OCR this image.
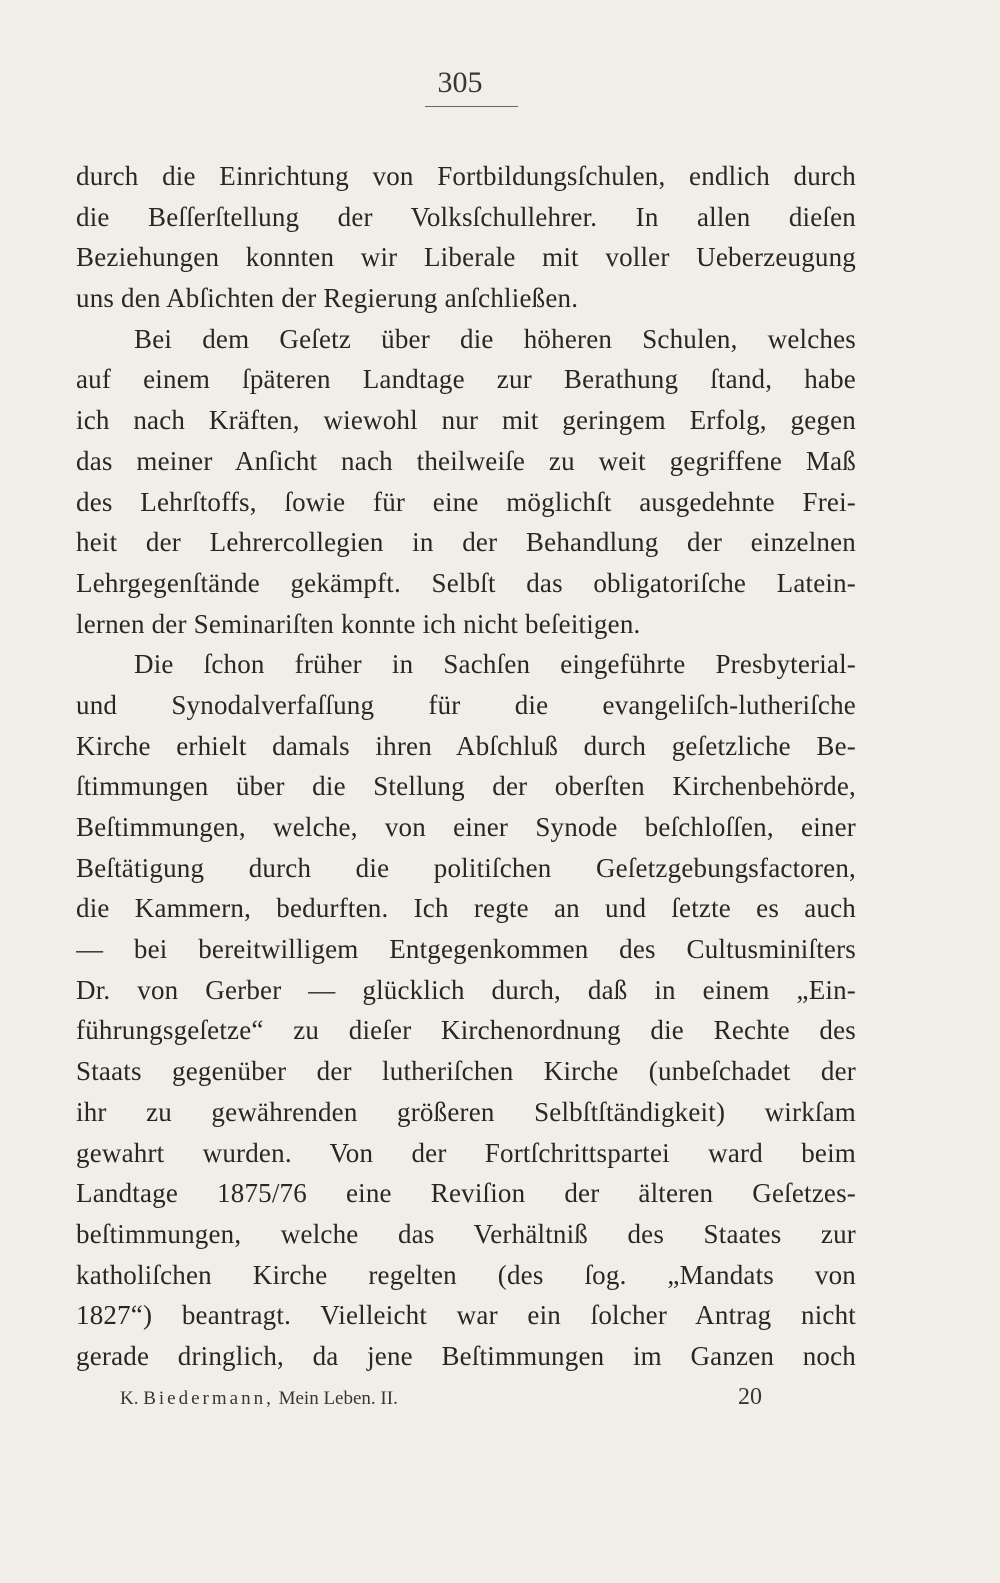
305
durch die Einrichtung von Fortbildungsſchulen, endlich durch
die Beſſerſtellung der Volksſchullehrer. In allen dieſen
Beziehungen konnten wir Liberale mit voller Ueberzeugung
uns den Abſichten der Regierung anſchließen.
Bei dem Geſetz über die höheren Schulen, welches
auf einem ſpäteren Landtage zur Berathung ſtand, habe
ich nach Kräften, wiewohl nur mit geringem Erfolg, gegen
das meiner Anſicht nach theilweiſe zu weit gegriffene Maß
des Lehrſtoffs, ſowie für eine möglichſt ausgedehnte Frei-
heit der Lehrercollegien in der Behandlung der einzelnen
Lehrgegenſtände gekämpft. Selbſt das obligatoriſche Latein-
lernen der Seminariſten konnte ich nicht beſeitigen.
Die ſchon früher in Sachſen eingeführte Presbyterial-
und Synodalverfaſſung für die evangeliſch-lutheriſche
Kirche erhielt damals ihren Abſchluß durch geſetzliche Be-
ſtimmungen über die Stellung der oberſten Kirchenbehörde,
Beſtimmungen, welche, von einer Synode beſchloſſen, einer
Beſtätigung durch die politiſchen Geſetzgebungsfactoren,
die Kammern, bedurften. Ich regte an und ſetzte es auch
— bei bereitwilligem Entgegenkommen des Cultusminiſters
Dr. von Gerber — glücklich durch, daß in einem „Ein-
führungsgeſetze“ zu dieſer Kirchenordnung die Rechte des
Staats gegenüber der lutheriſchen Kirche (unbeſchadet der
ihr zu gewährenden größeren Selbſtſtändigkeit) wirkſam
gewahrt wurden. Von der Fortſchrittspartei ward beim
Landtage 1875/76 eine Reviſion der älteren Geſetzes-
beſtimmungen, welche das Verhältniß des Staates zur
katholiſchen Kirche regelten (des ſog. „Mandats von
1827“) beantragt. Vielleicht war ein ſolcher Antrag nicht
gerade dringlich, da jene Beſtimmungen im Ganzen noch
K. Biedermann, Mein Leben. II.	20
